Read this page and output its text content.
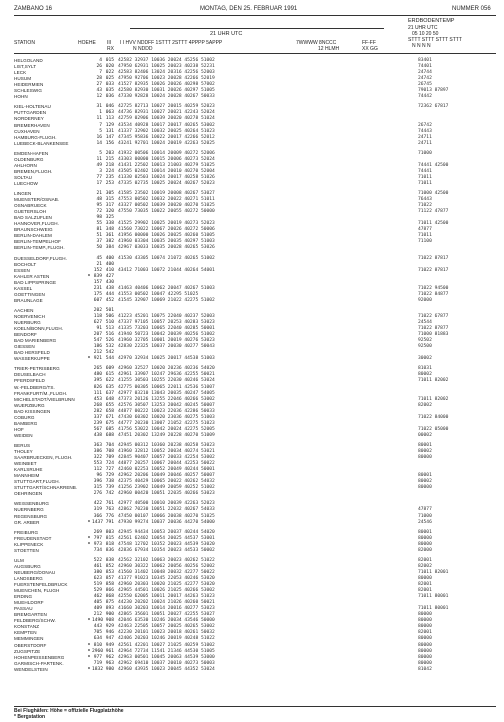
ZAMBANO 16	MONTAG, DEN 25. FEBRUAR 1991	NUMMER 056
ERDBODENTEMP
21 UHR UTC
05 10 20 50
STTT STTT STTT STTT
N N N N
21 UHR UTC
STATION	HOEHE III
RX
I I HVV NDDFF 1STTT 2STTT 4PPPP 5APPP
N NDDD
7WWWW 8NCCC
12 HLMH
FF-FF
XX GG
HELGOLAND	4 015 42582 32937 10036 20024 45256 51002	83401
LIST,SYLT	26 020 47950 62931 10025 20023 40238 52231	74401
LECK	7 022 42583 82406 13024 20316 42256 52003	24744
HUSUM	28 025 47950 92706 10023 20028 42266 52019	24742
HEIDERMIEN	27 033 41527 82935 10026 20026 40298 57002	26745
SCHLESWIG	43 035 42580 82930 10031 20026 40297 51005	79013 87897
HOHN	12 036 47330 92828 10024 20028 40267 50033	74442
KIEL-HOLTENAU	31 046 42725 82713 10027 20015 40259 52023	72362 67817
PUTTGARDEN	1 063 44736 82931 10027 20021 42243 52024
NORDERNEY	11 113 42759 02906 10039 20020 40278 51024
BREMERHAVEN	7 129 43534 40928 10017 20017 40265 53002	26742
CUXHAVEN	5 131 41337 32902 10032 20025 40264 51023	74443
HAMBURG-FLUGH.	16 147 47345 95836 10022 20017 42266 52012	24711
LUEBECK-BLANKENSEE	14 156 43241 92701 10024 20019 42263 52025	24711
EMDEN-HAFEN	5 203 41932 00506 10014 20009 40272 52006	71000
OLDENBURG	11 215 43303 00000 10015 20006 40273 52024
AHLHORN	49 218 41431 22502 10013 21003 40279 51025	74441 42500
BREMEN,FLUGH.	3 224 43505 02402 10014 20010 40270 52004	74441
SOLTAU	77 235 41330 02503 10024 20017 40258 51026	71011
LUECHOW	17 253 47335 02735 10025 20024 40267 52023	71011
LINGEN	21 305 41585 23502 10019 20008 40267 53027	71000 42500
MUENSTER/OSNAB.	48 315 47553 00502 10032 20022 40271 51011	76443
OSNABRUECK	95 317 43327 00502 10039 20020 40270 51025	71022
GUETERSLOH	72 320 47550 73035 10022 20055 40272 50000	71122 47877
BAD SALZUFLEN	98 325
HANNOVER,FLUGH.	55 338 41525 29902 10025 20019 40273 52023	71011 42500
BRAUNSCHWEIG	81 348 41560 73022 10067 20026 40272 50006	47877
BERLIN-DAHLEM	51 361 41956 00000 10026 20025 40260 51005	71011
BERLIN-TEMPELHOF	37 382 41960 03304 10035 20035 40297 51003	71100
BERLIN-TEMP.,FLUGH.	50 384 42967 03033 10035 20028 40265 53026
DUESSELDORF,FLUGH.	45 400 41530 43305 10074 21072 40265 51002	71022 87817
BOCHOLT	21 400
ESSEN	152 410 43412 71003 10072 21044 40264 54001	71022 87817
KAHLER ASTEN	* 839 427
BAD LIPPSPRINGE	157 430
KASSEL	231 438 41463 40406 10062 20047 40267 51003	71022 94500
GOETTINGEN	175 444 41553 00502 10047 42295 51025	71022 84877
BRAUNLAGE	607 452 41545 32907 10069 21022 42275 51002	92000
AACHEN	202 501
NOERVENICH	118 506 41223 45201 10075 22040 40237 52003	71022 67877
NUERBURG	627 510 47337 97105 10057 20253 40283 53023	24544
KOELN/BONN,FLUGH.	91 513 41335 73203 10065 22040 40285 50001	71022 87877
BENDORF	207 516 41940 50723 10042 20039 40256 51002	71000 81883
BAD MARIENBERG	547 526 41960 32705 10001 20019 40276 53023	92502
GIESSEN	186 532 42830 22325 10037 20030 40277 50043	92500
BAD HERSFELD	212 542
WASSERKUPPE	* 921 544 42970 32934 10025 20017 44538 51003	30002
TRIER-PETRISBERG	265 609 42960 32527 10020 20236 40236 54020	81031
DEUSELBACH	480 615 42961 33907 10247 29636 42255 50021	80002
PFERDSFELD	395 622 41255 30503 10255 22030 40246 53024	71011 82002
W.-FELDBERG/TS.	826 635 42775 00305 10065 22011 42536 51007
FRANKFURT/M.,FLUGH.	111 637 42977 03210 13043 20035 40247 54005
MICHELSTADT/VIELBRUNN	453 648 47373 20126 13255 22046 40266 53002	71011 82002
WUERZBURG	268 655 42576 30507 13253 20042 40245 50007	82002
BAD KISSINGEN	282 658 44877 00222 10023 22036 42286 50033
COBURG	337 671 47430 60302 10020 23036 40275 51003	71022 84000
BAMBERG	239 675 44777 20230 13007 21052 42275 51023
HOF	567 685 41756 53022 10042 20024 42275 52005	71022 05000
WEIDEN	438 688 47451 20302 13249 20228 40270 51009	00002
BERUS	363 704 42945 00312 10360 20238 40258 53023	80001
THOLEY	386 708 41960 32812 10052 20034 40274 53021	80002
SAARBRUECKEN, FLUGH.	322 709 42845 90407 10057 20033 42254 53002	80000
WEINBIET	553 724 44877 20257 10067 20044 42253 50022
KARLSRUHE	112 727 42460 02253 10052 20049 40244 50001
MANNHEIM	96 729 42962 20206 10049 20046 40257 50007	80001
STUTTGART,FLUGH.	396 738 42375 40429 10065 20022 40262 54032	80002
STUTTGART/SCHNARRENB.	315 739 41256 23902 10049 20059 40252 51002	80000
OEHRINGEN	276 742 42960 00420 10051 22035 40266 53023
WEISSENBURG	422 761 42977 40500 10010 20039 42263 52023
NUERNBERG	319 763 42862 70230 10051 22032 40267 54033	47877
REGENSBURG	366 776 47450 00107 10066 20038 40270 51025	71000
GR. ARBER	* 1437 791 47930 99274 10037 20036 44270 54000	24546
FREIBURG	269 803 42945 94434 10053 20037 40244 54020	80001
FREUDENSTADT	* 797 815 42561 62402 10054 20025 44537 53001	80000
KLIPPENECK	* 973 818 47548 12702 10352 20023 44539 53020	80000
STOETTEN	734 836 42836 67934 10354 20023 44533 50002	82000
ULM	522 838 42562 32102 10063 20023 40262 51022	82001
AUGSBURG	461 852 42960 30322 10062 20056 40256 52002	82002
NEUBERG/DONAU	380 853 41560 31402 10048 20032 42277 50022	71011 82001
LANDSBERG	623 857 41377 91023 10345 22053 40246 53020	80000
FUERSTENFELDBRUCK	519 858 42960 20303 10020 21025 42277 53020	82001
MUENCHEN, FLUGH	529 866 42965 44501 10026 21025 40266 53002	82001
ERDING	462 868 42550 62005 10011 20017 44263 51023	71011 80001
MUEHLDORF	405 875 44230 20202 10024 21026 40260 50021
PASSAU	409 893 41660 30203 10014 20016 40277 53023	71011 80001
BREMGARTEN	212 900 42865 35601 10051 20027 42255 53027	80000
FELDBERG/SCHW.	* 1490 908 42046 63530 10246 20034 43546 50000	80000
KONSTANZ	443 929 42463 22505 10057 20025 40265 53002	80000
KEMPTEN	705 946 42230 20101 10023 20018 40261 50032	82001
MEMMINGEN	634 947 42406 20203 10246 20019 40248 51022	80000
OBERSTDORF	* 810 949 42561 42201 10027 21025 40259 51002	80000
ZUGSPITZE	* 2960 961 42964 72734 11541 21346 44530 51005	80000
HOHENPEISSENBERG	* 977 962 42963 00501 10045 20063 44539 53000	80000
GARMISCH-PARTENK.	719 963 42962 69410 10037 20010 40273 50003	80000
WENDELSTEIN	* 1832 980 42960 43935 10023 20045 44352 53024	81042
Bei Flughäfen: Höhe = offizielle Flugplatzhöhe
* Bergstation
